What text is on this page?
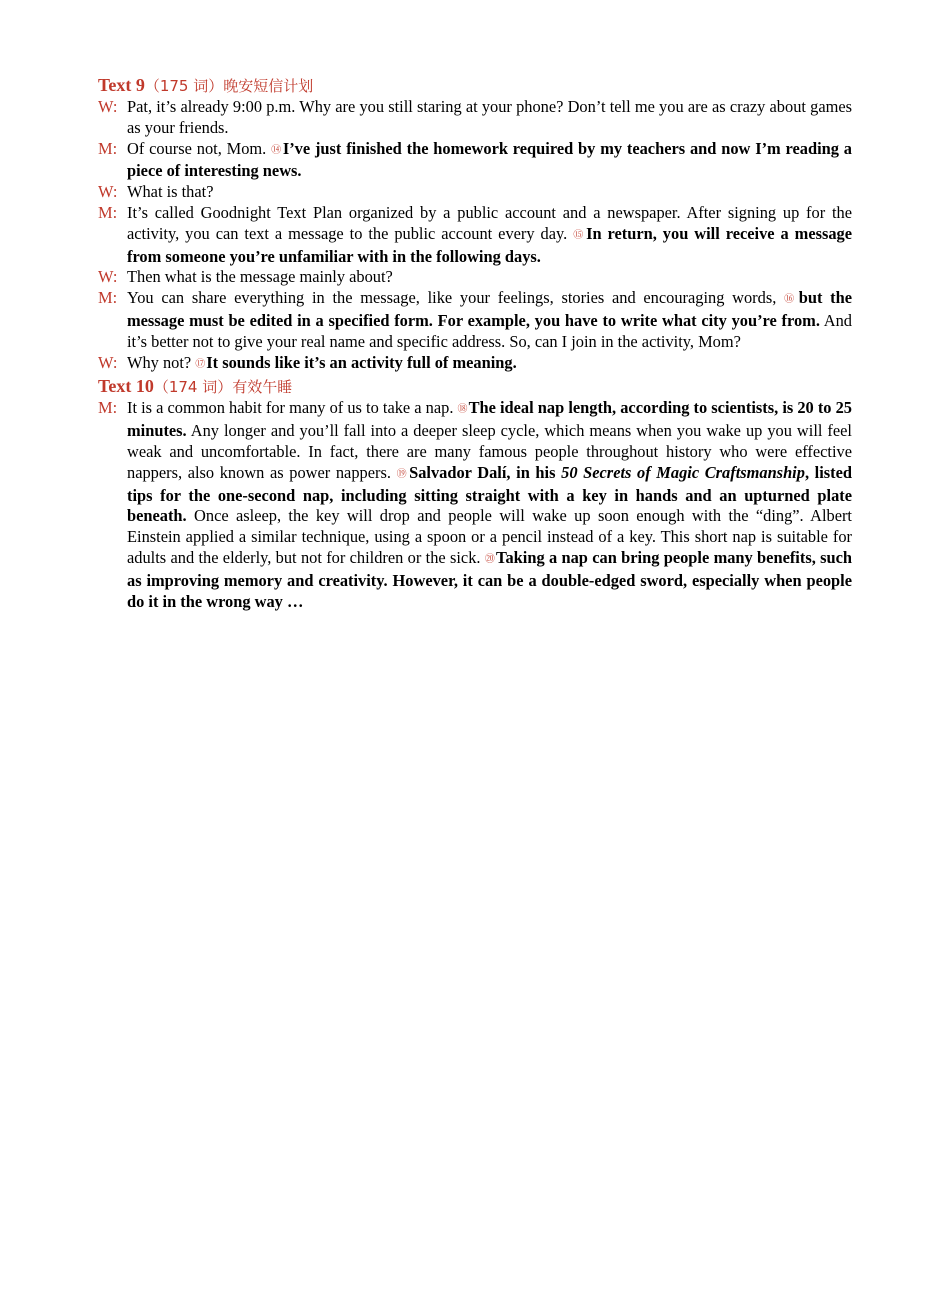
Text 9（175 词）晚安短信计划
W: Pat, it’s already 9:00 p.m. Why are you still staring at your phone? Don’t tell me you are as crazy about games as your friends.
M: Of course not, Mom. ⑭I’ve just finished the homework required by my teachers and now I’m reading a piece of interesting news.
W: What is that?
M: It’s called Goodnight Text Plan organized by a public account and a newspaper. After signing up for the activity, you can text a message to the public account every day. ⑮In return, you will receive a message from someone you’re unfamiliar with in the following days.
W: Then what is the message mainly about?
M: You can share everything in the message, like your feelings, stories and encouraging words, ⑯but the message must be edited in a specified form. For example, you have to write what city you’re from. And it’s better not to give your real name and specific address. So, can I join in the activity, Mom?
W: Why not? ⑰It sounds like it’s an activity full of meaning.
Text 10（174 词）有效午睡
M: It is a common habit for many of us to take a nap. ⑱The ideal nap length, according to scientists, is 20 to 25 minutes. Any longer and you’ll fall into a deeper sleep cycle, which means when you wake up you will feel weak and uncomfortable. In fact, there are many famous people throughout history who were effective nappers, also known as power nappers. ⑲Salvador Dalí, in his 50 Secrets of Magic Craftsmanship, listed tips for the one-second nap, including sitting straight with a key in hands and an upturned plate beneath. Once asleep, the key will drop and people will wake up soon enough with the “ding”. Albert Einstein applied a similar technique, using a spoon or a pencil instead of a key. This short nap is suitable for adults and the elderly, but not for children or the sick. ⑳Taking a nap can bring people many benefits, such as improving memory and creativity. However, it can be a double-edged sword, especially when people do it in the wrong way …
